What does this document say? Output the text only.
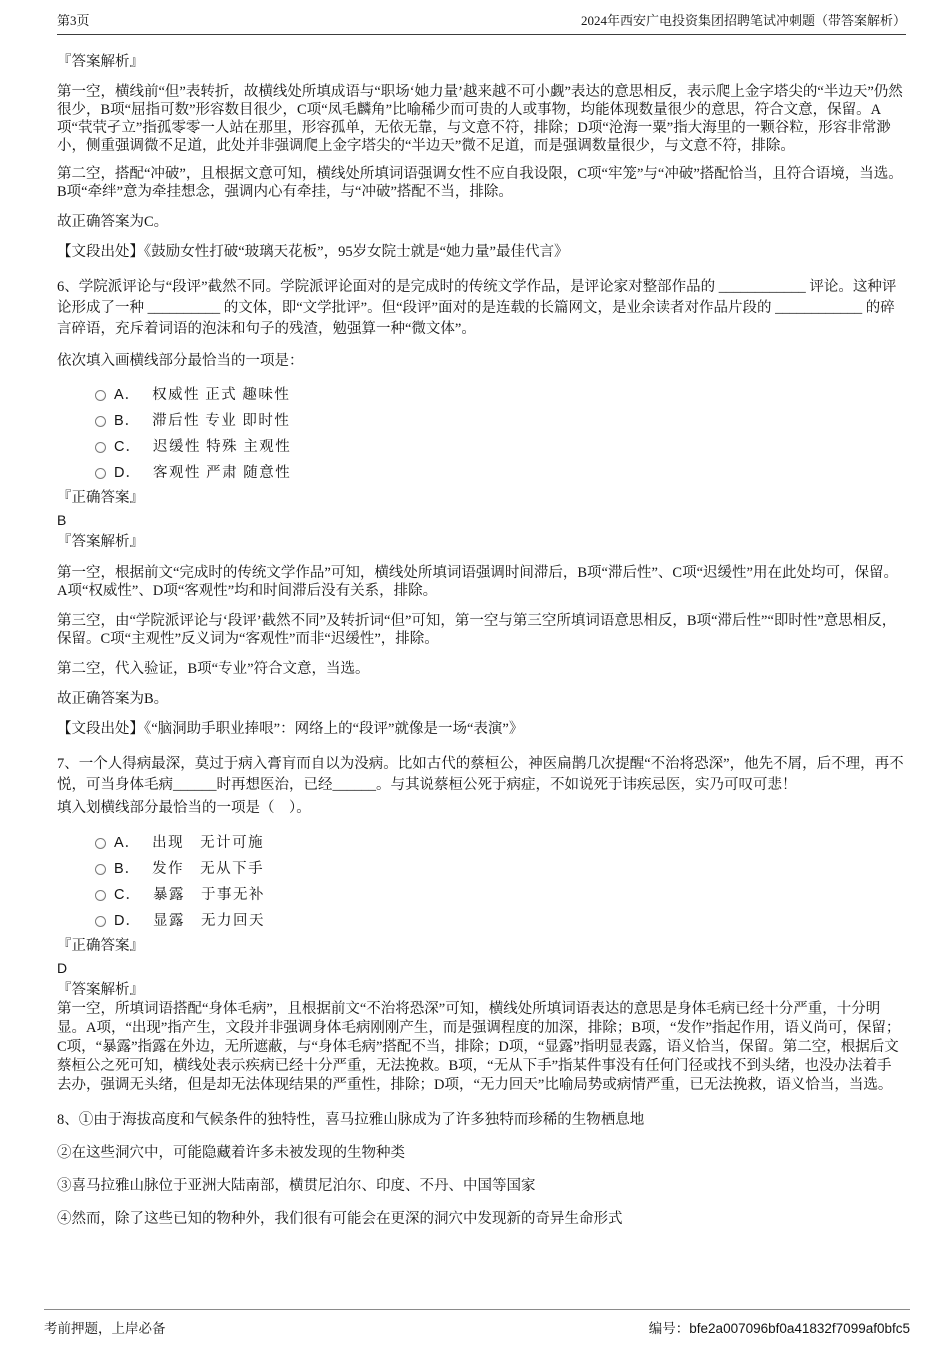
第3页	2024年西安广电投资集团招聘笔试冲刺题（带答案解析）
『答案解析』
第一空，横线前“但”表转折，故横线处所填成语与“职场‘她力量’越来越不可小觑”表达的意思相反，表示爬上金字塔尖的“半边天”仍然很少，B项“屈指可数”形容数目很少，C项“凤毛麟角”比喻稀少而可贵的人或事物，均能体现数量很少的意思，符合文意，保留。A项“茕茕孑立”指孤零零一人站在那里，形容孤单，无依无靠，与文意不符，排除；D项“沧海一粟”指大海里的一颗谷粒，形容非常渺小，侧重强调微不足道，此处并非强调爬上金字塔尖的“半边天”微不足道，而是强调数量很少，与文意不符，排除。
第二空，搭配“冲破”，且根据文意可知，横线处所填词语强调女性不应自我设限，C项“牢笼”与“冲破”搭配恰当，且符合语境，当选。B项“牵绊”意为牵挂想念，强调内心有牵挂，与“冲破”搭配不当，排除。
故正确答案为C。
【文段出处】《鼓励女性打破“玻璃天花板”，95岁女院士就是“她力量”最佳代言》
6、学院派评论与“段评”截然不同。学院派评论面对的是完成时的传统文学作品，是评论家对整部作品的 ____________ 评论。这种评论形成了一种 __________ 的文体，即“文学批评”。但“段评”面对的是连载的长篇网文，是业余读者对作品片段的 ____________ 的碎言碎语，充斥着词语的泡沫和句子的残渣，勉强算一种“微文体”。
依次填入画横线部分最恰当的一项是：
A． 权威性 正式 趣味性
B． 滞后性 专业 即时性
C． 迟缓性 特殊 主观性
D． 客观性 严肃 随意性
『正确答案』
B
『答案解析』
第一空，根据前文“完成时的传统文学作品”可知，横线处所填词语强调时间滞后，B项“滞后性”、C项“迟缓性”用在此处均可，保留。A项“权威性”、D项“客观性”均和时间滞后没有关系，排除。
第三空，由“学院派评论与‘段评’截然不同”及转折词“但”可知，第一空与第三空所填词语意思相反，B项“滞后性”“即时性”意思相反，保留。C项“主观性”反义词为“客观性”而非“迟缓性”，排除。
第二空，代入验证，B项“专业”符合文意，当选。
故正确答案为B。
【文段出处】《“脑洞助手职业捧哏”：网络上的“段评”就像是一场“表演”》
7、一个人得病最深，莫过于病入膏肓而自以为没病。比如古代的蔡桓公，神医扁鹊几次提醒“不治将恐深”，他先不屑，后不理，再不悦，可当身体毛病______时再想医治，已经______。与其说蔡桓公死于病症，不如说死于讳疾忌医，实乃可叹可悲！
填入划横线部分最恰当的一项是（　）。
A． 出现　无计可施
B． 发作　无从下手
C． 暴露　于事无补
D． 显露　无力回天
『正确答案』
D
『答案解析』
第一空，所填词语搭配“身体毛病”，且根据前文“不治将恐深”可知，横线处所填词语表达的意思是身体毛病已经十分严重，十分明显。A项，“出现”指产生，文段并非强调身体毛病刚刚产生，而是强调程度的加深，排除；B项，“发作”指起作用，语义尚可，保留；C项，“暴露”指露在外边，无所遮蔽，与“身体毛病”搭配不当，排除；D项，“显露”指明显表露，语义恰当，保留。第二空，根据后文蔡桓公之死可知，横线处表示疾病已经十分严重，无法挽救。B项，“无从下手”指某件事没有任何门径或找不到头绪，也没办法着手去办，强调无头绪，但是却无法体现结果的严重性，排除；D项，“无力回天”比喻局势或病情严重，已无法挽救，语义恰当，当选。
8、①由于海拔高度和气候条件的独特性，喜马拉雅山脉成为了许多独特而珍稀的生物栖息地
②在这些洞穴中，可能隐藏着许多未被发现的生物种类
③喜马拉雅山脉位于亚洲大陆南部，横贯尼泊尔、印度、不丹、中国等国家
④然而，除了这些已知的物种外，我们很有可能会在更深的洞穴中发现新的奇异生命形式
考前押题，上岸必备	编号：bfe2a007096bf0a41832f7099af0bfc5
